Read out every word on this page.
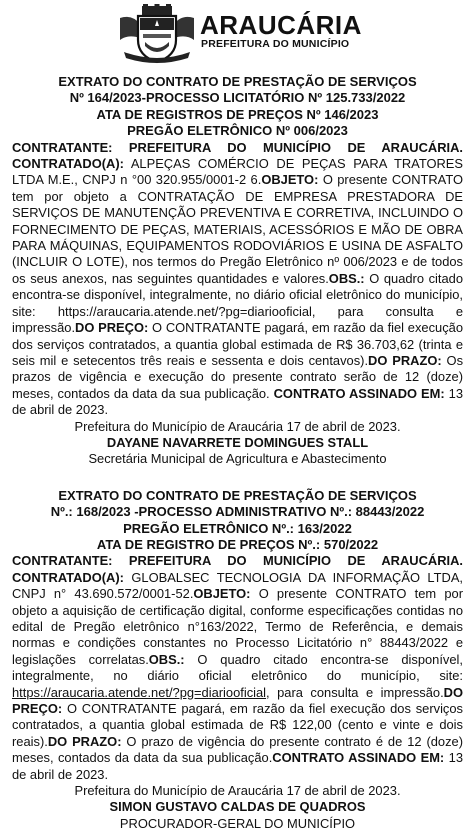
ARAUCÁRIA
PREFEITURA DO MUNICÍPIO
EXTRATO DO CONTRATO DE PRESTAÇÃO DE SERVIÇOS
Nº 164/2023-PROCESSO LICITATÓRIO Nº 125.733/2022
ATA DE REGISTROS DE PREÇOS Nº 146/2023
PREGÃO ELETRÔNICO Nº 006/2023
CONTRATANTE: PREFEITURA DO MUNICÍPIO DE ARAUCÁRIA. CONTRATADO(A): ALPEÇAS COMÉRCIO DE PEÇAS PARA TRATORES LTDA M.E., CNPJ n °00 320.955/0001-2 6.OBJETO: O presente CONTRATO tem por objeto a CONTRATAÇÃO DE EMPRESA PRESTADORA DE SERVIÇOS DE MANUTENÇÃO PREVENTIVA E CORRETIVA, INCLUINDO O FORNECIMENTO DE PEÇAS, MATERIAIS, ACESSÓRIOS E MÃO DE OBRA PARA MÁQUINAS, EQUIPAMENTOS RODOVIÁRIOS E USINA DE ASFALTO (INCLUIR O LOTE), nos termos do Pregão Eletrônico nº 006/2023 e de todos os seus anexos, nas seguintes quantidades e valores.OBS.: O quadro citado encontra-se disponível, integralmente, no diário oficial eletrônico do município, site: https://araucaria.atende.net/?pg=diariooficial, para consulta e impressão.DO PREÇO: O CONTRATANTE pagará, em razão da fiel execução dos serviços contratados, a quantia global estimada de R$ 36.703,62 (trinta e seis mil e setecentos três reais e sessenta e dois centavos).DO PRAZO: Os prazos de vigência e execução do presente contrato serão de 12 (doze) meses, contados da data da sua publicação. CONTRATO ASSINADO EM: 13 de abril de 2023.
Prefeitura do Município de Araucária 17 de abril de 2023.
DAYANE NAVARRETE DOMINGUES STALL
Secretária Municipal de Agricultura e Abastecimento
EXTRATO DO CONTRATO DE PRESTAÇÃO DE SERVIÇOS
Nº.: 168/2023 -PROCESSO ADMINISTRATIVO Nº.: 88443/2022
PREGÃO ELETRÔNICO Nº.: 163/2022
ATA DE REGISTRO DE PREÇOS Nº.: 570/2022
CONTRATANTE: PREFEITURA DO MUNICÍPIO DE ARAUCÁRIA. CONTRATADO(A): GLOBALSEC TECNOLOGIA DA INFORMAÇÃO LTDA, CNPJ n° 43.690.572/0001-52.OBJETO: O presente CONTRATO tem por objeto a aquisição de certificação digital, conforme especificações contidas no edital de Pregão eletrônico n°163/2022, Termo de Referência, e demais normas e condições constantes no Processo Licitatório n° 88443/2022 e legislações correlatas.OBS.: O quadro citado encontra-se disponível, integralmente, no diário oficial eletrônico do município, site: https://araucaria.atende.net/?pg=diariooficial, para consulta e impressão.DO PREÇO: O CONTRATANTE pagará, em razão da fiel execução dos serviços contratados, a quantia global estimada de R$ 122,00 (cento e vinte e dois reais).DO PRAZO: O prazo de vigência do presente contrato é de 12 (doze) meses, contados da data da sua publicação.CONTRATO ASSINADO EM: 13 de abril de 2023.
Prefeitura do Município de Araucária 17 de abril de 2023.
SIMON GUSTAVO CALDAS DE QUADROS
PROCURADOR-GERAL DO MUNICÍPIO
